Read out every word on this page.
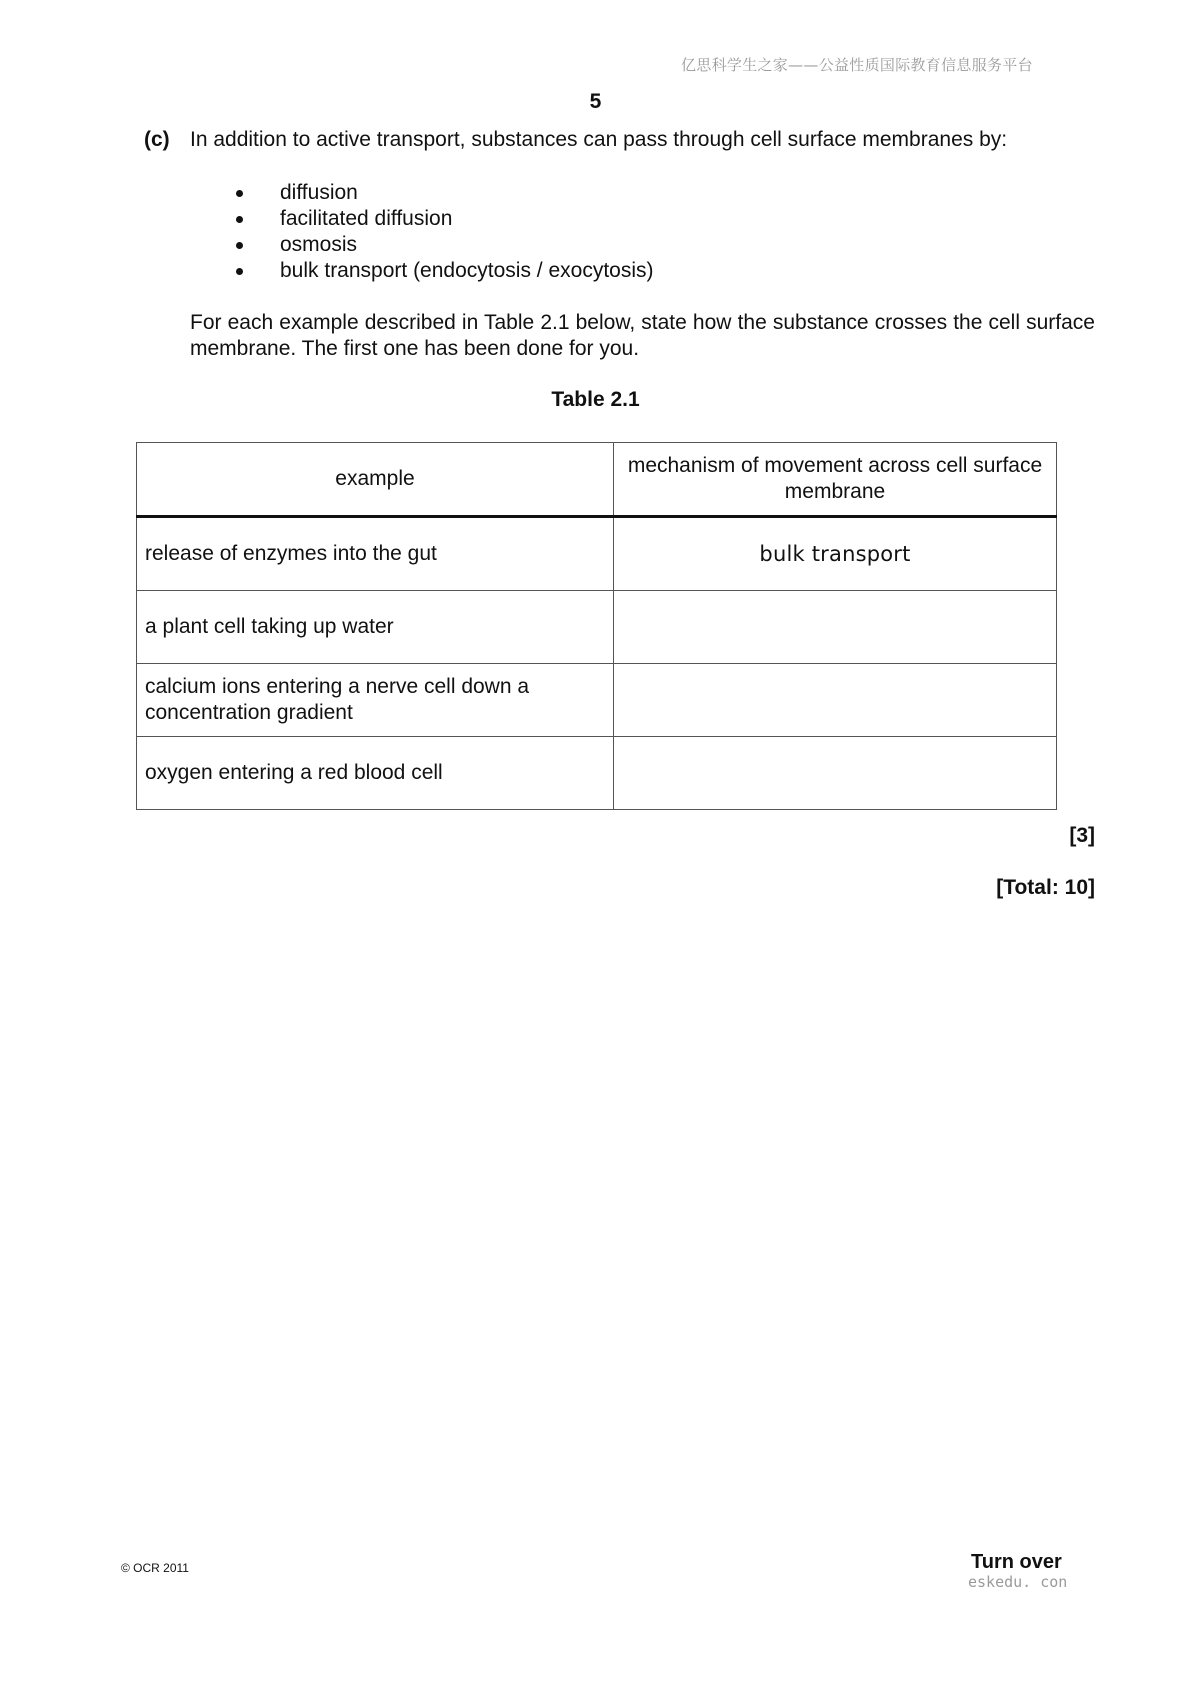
亿思科学生之家——公益性质国际教育信息服务平台
5
(c) In addition to active transport, substances can pass through cell surface membranes by:
diffusion
facilitated diffusion
osmosis
bulk transport (endocytosis / exocytosis)
For each example described in Table 2.1 below, state how the substance crosses the cell surface membrane. The first one has been done for you.
Table 2.1
example	mechanism of movement across cell surface membrane
release of enzymes into the gut	bulk transport
a plant cell taking up water	
calcium ions entering a nerve cell down a concentration gradient	
oxygen entering a red blood cell	
[3]
[Total: 10]
© OCR 2011	Turn over
eskedu. con
